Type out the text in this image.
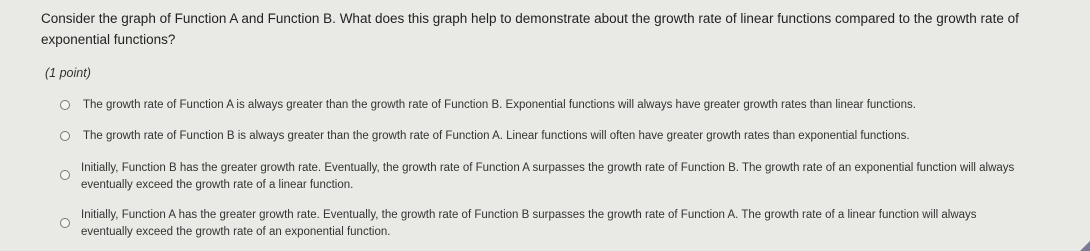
Consider the graph of Function A and Function B. What does this graph help to demonstrate about the growth rate of linear functions compared to the growth rate of exponential functions?
(1 point)
The growth rate of Function A is always greater than the growth rate of Function B. Exponential functions will always have greater growth rates than linear functions.
The growth rate of Function B is always greater than the growth rate of Function A. Linear functions will often have greater growth rates than exponential functions.
Initially, Function B has the greater growth rate. Eventually, the growth rate of Function A surpasses the growth rate of Function B. The growth rate of an exponential function will always eventually exceed the growth rate of a linear function.
Initially, Function A has the greater growth rate. Eventually, the growth rate of Function B surpasses the growth rate of Function A. The growth rate of a linear function will always eventually exceed the growth rate of an exponential function.
